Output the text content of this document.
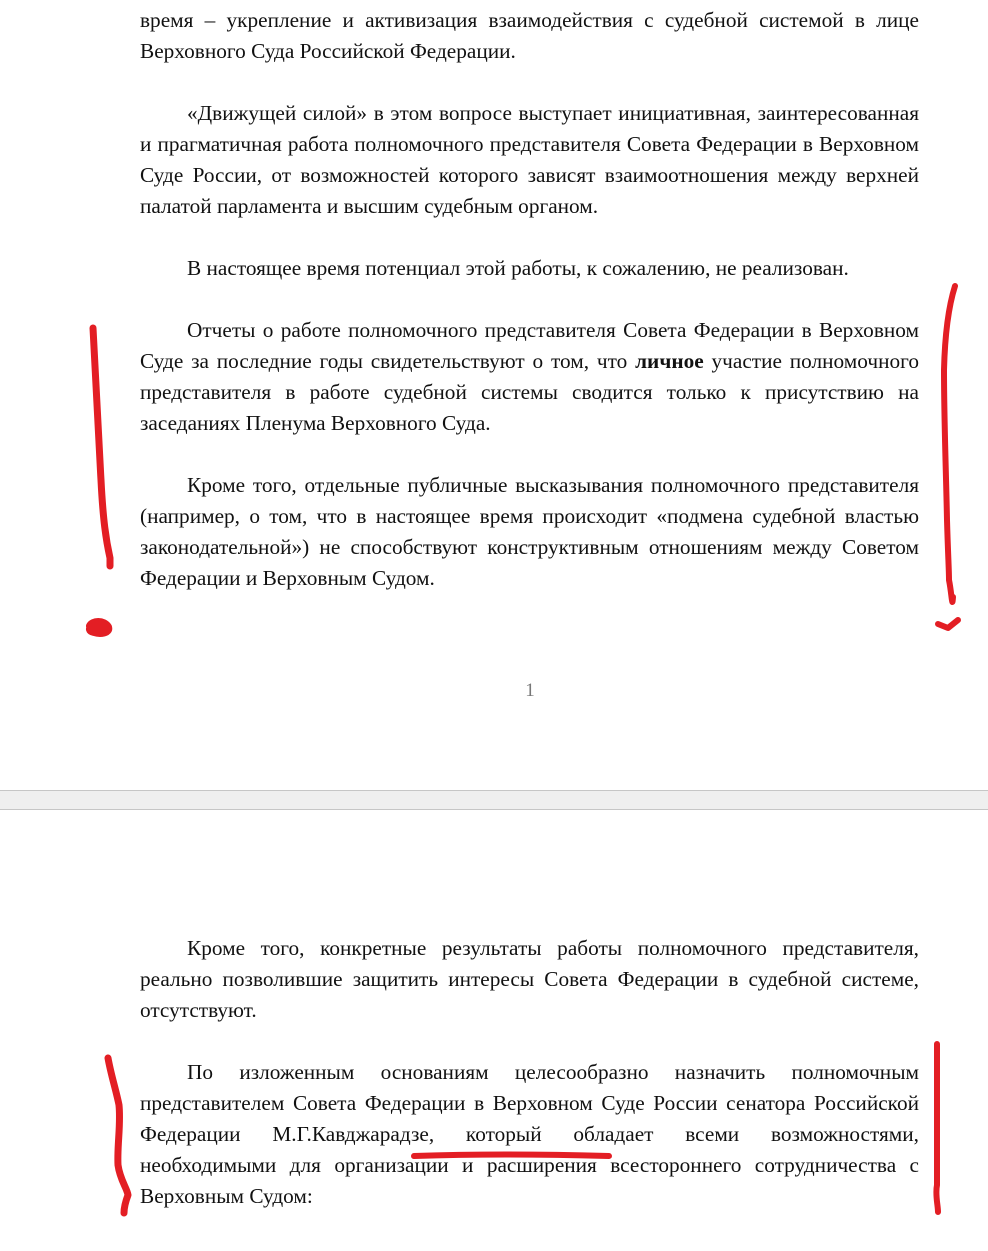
время – укрепление и активизация взаимодействия с судебной системой в лице Верховного Суда Российской Федерации.

«Движущей силой» в этом вопросе выступает инициативная, заинтересованная и прагматичная работа полномочного представителя Совета Федерации в Верховном Суде России, от возможностей которого зависят взаимоотношения между верхней палатой парламента и высшим судебным органом.

В настоящее время потенциал этой работы, к сожалению, не реализован.

Отчеты о работе полномочного представителя Совета Федерации в Верховном Суде за последние годы свидетельствуют о том, что личное участие полномочного представителя в работе судебной системы сводится только к присутствию на заседаниях Пленума Верховного Суда.

Кроме того, отдельные публичные высказывания полномочного представителя (например, о том, что в настоящее время происходит «подмена судебной властью законодательной») не способствуют конструктивным отношениям между Советом Федерации и Верховным Судом.

1

Кроме того, конкретные результаты работы полномочного представителя, реально позволившие защитить интересы Совета Федерации в судебной системе, отсутствуют.

По изложенным основаниям целесообразно назначить полномочным представителем Совета Федерации в Верховном Суде России сенатора Российской Федерации М.Г.Кавджарадзе, который обладает всеми возможностями, необходимыми для организации и расширения всестороннего сотрудничества с Верховным Судом:
